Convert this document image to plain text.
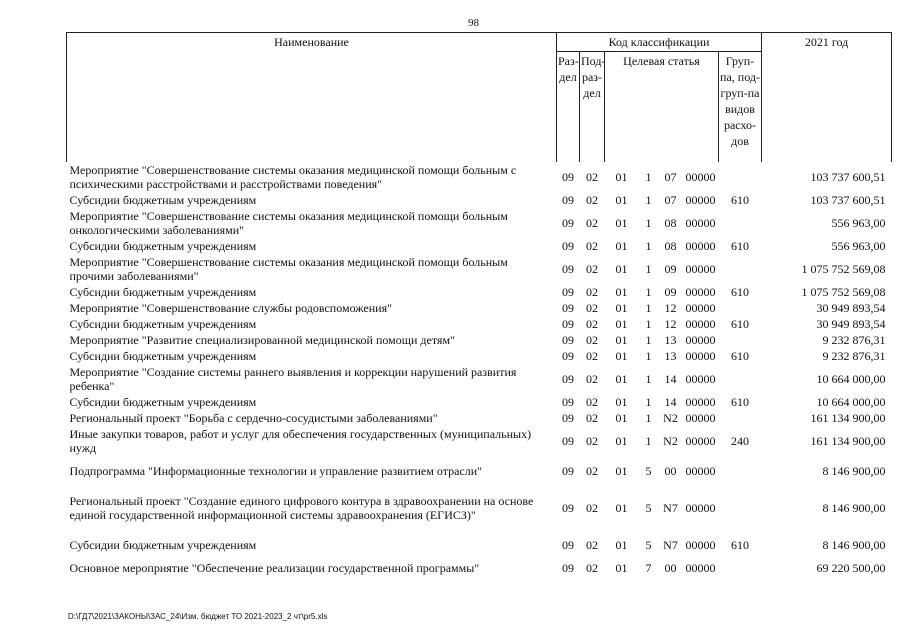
98
Наименование	Код классификации							2021 год
	Раз-дел	Под-раз-дел	Целевая статья				Груп-па, под-груп-па видов расхо-дов	
Мероприятие "Совершенствование системы оказания медицинской помощи больным с психическими расстройствами и расстройствами поведения"	09	02	01	1	07	00000		103 737 600,51
Субсидии бюджетным учреждениям	09	02	01	1	07	00000	610	103 737 600,51
Мероприятие "Совершенствование системы оказания медицинской помощи больным онкологическими заболеваниями"	09	02	01	1	08	00000		556 963,00
Субсидии бюджетным учреждениям	09	02	01	1	08	00000	610	556 963,00
Мероприятие "Совершенствование системы оказания медицинской помощи больным прочими заболеваниями"	09	02	01	1	09	00000		1 075 752 569,08
Субсидии бюджетным учреждениям	09	02	01	1	09	00000	610	1 075 752 569,08
Мероприятие "Совершенствование службы родовспоможения"	09	02	01	1	12	00000		30 949 893,54
Субсидии бюджетным учреждениям	09	02	01	1	12	00000	610	30 949 893,54
Мероприятие "Развитие специализированной медицинской помощи детям"	09	02	01	1	13	00000		9 232 876,31
Субсидии бюджетным учреждениям	09	02	01	1	13	00000	610	9 232 876,31
Мероприятие "Создание системы раннего выявления и коррекции нарушений развития ребенка"	09	02	01	1	14	00000		10 664 000,00
Субсидии бюджетным учреждениям	09	02	01	1	14	00000	610	10 664 000,00
Региональный проект "Борьба с сердечно-сосудистыми заболеваниями"	09	02	01	1	N2	00000		161 134 900,00
Иные закупки товаров, работ и услуг для обеспечения государственных (муниципальных) нужд	09	02	01	1	N2	00000	240	161 134 900,00
Подпрограмма "Информационные технологии и управление развитием отрасли"	09	02	01	5	00	00000		8 146 900,00
Региональный проект "Создание единого цифрового контура в здравоохранении на основе единой государственной информационной системы здравоохранения (ЕГИСЗ)"	09	02	01	5	N7	00000		8 146 900,00
Субсидии бюджетным учреждениям	09	02	01	5	N7	00000	610	8 146 900,00
Основное мероприятие "Обеспечение реализации государственной программы"	09	02	01	7	00	00000		69 220 500,00
D:\ГД7\2021\ЗАКОНЫ\ЗАС_24\Изм. бюджет ТО 2021-2023_2 чт\pr5.xls
